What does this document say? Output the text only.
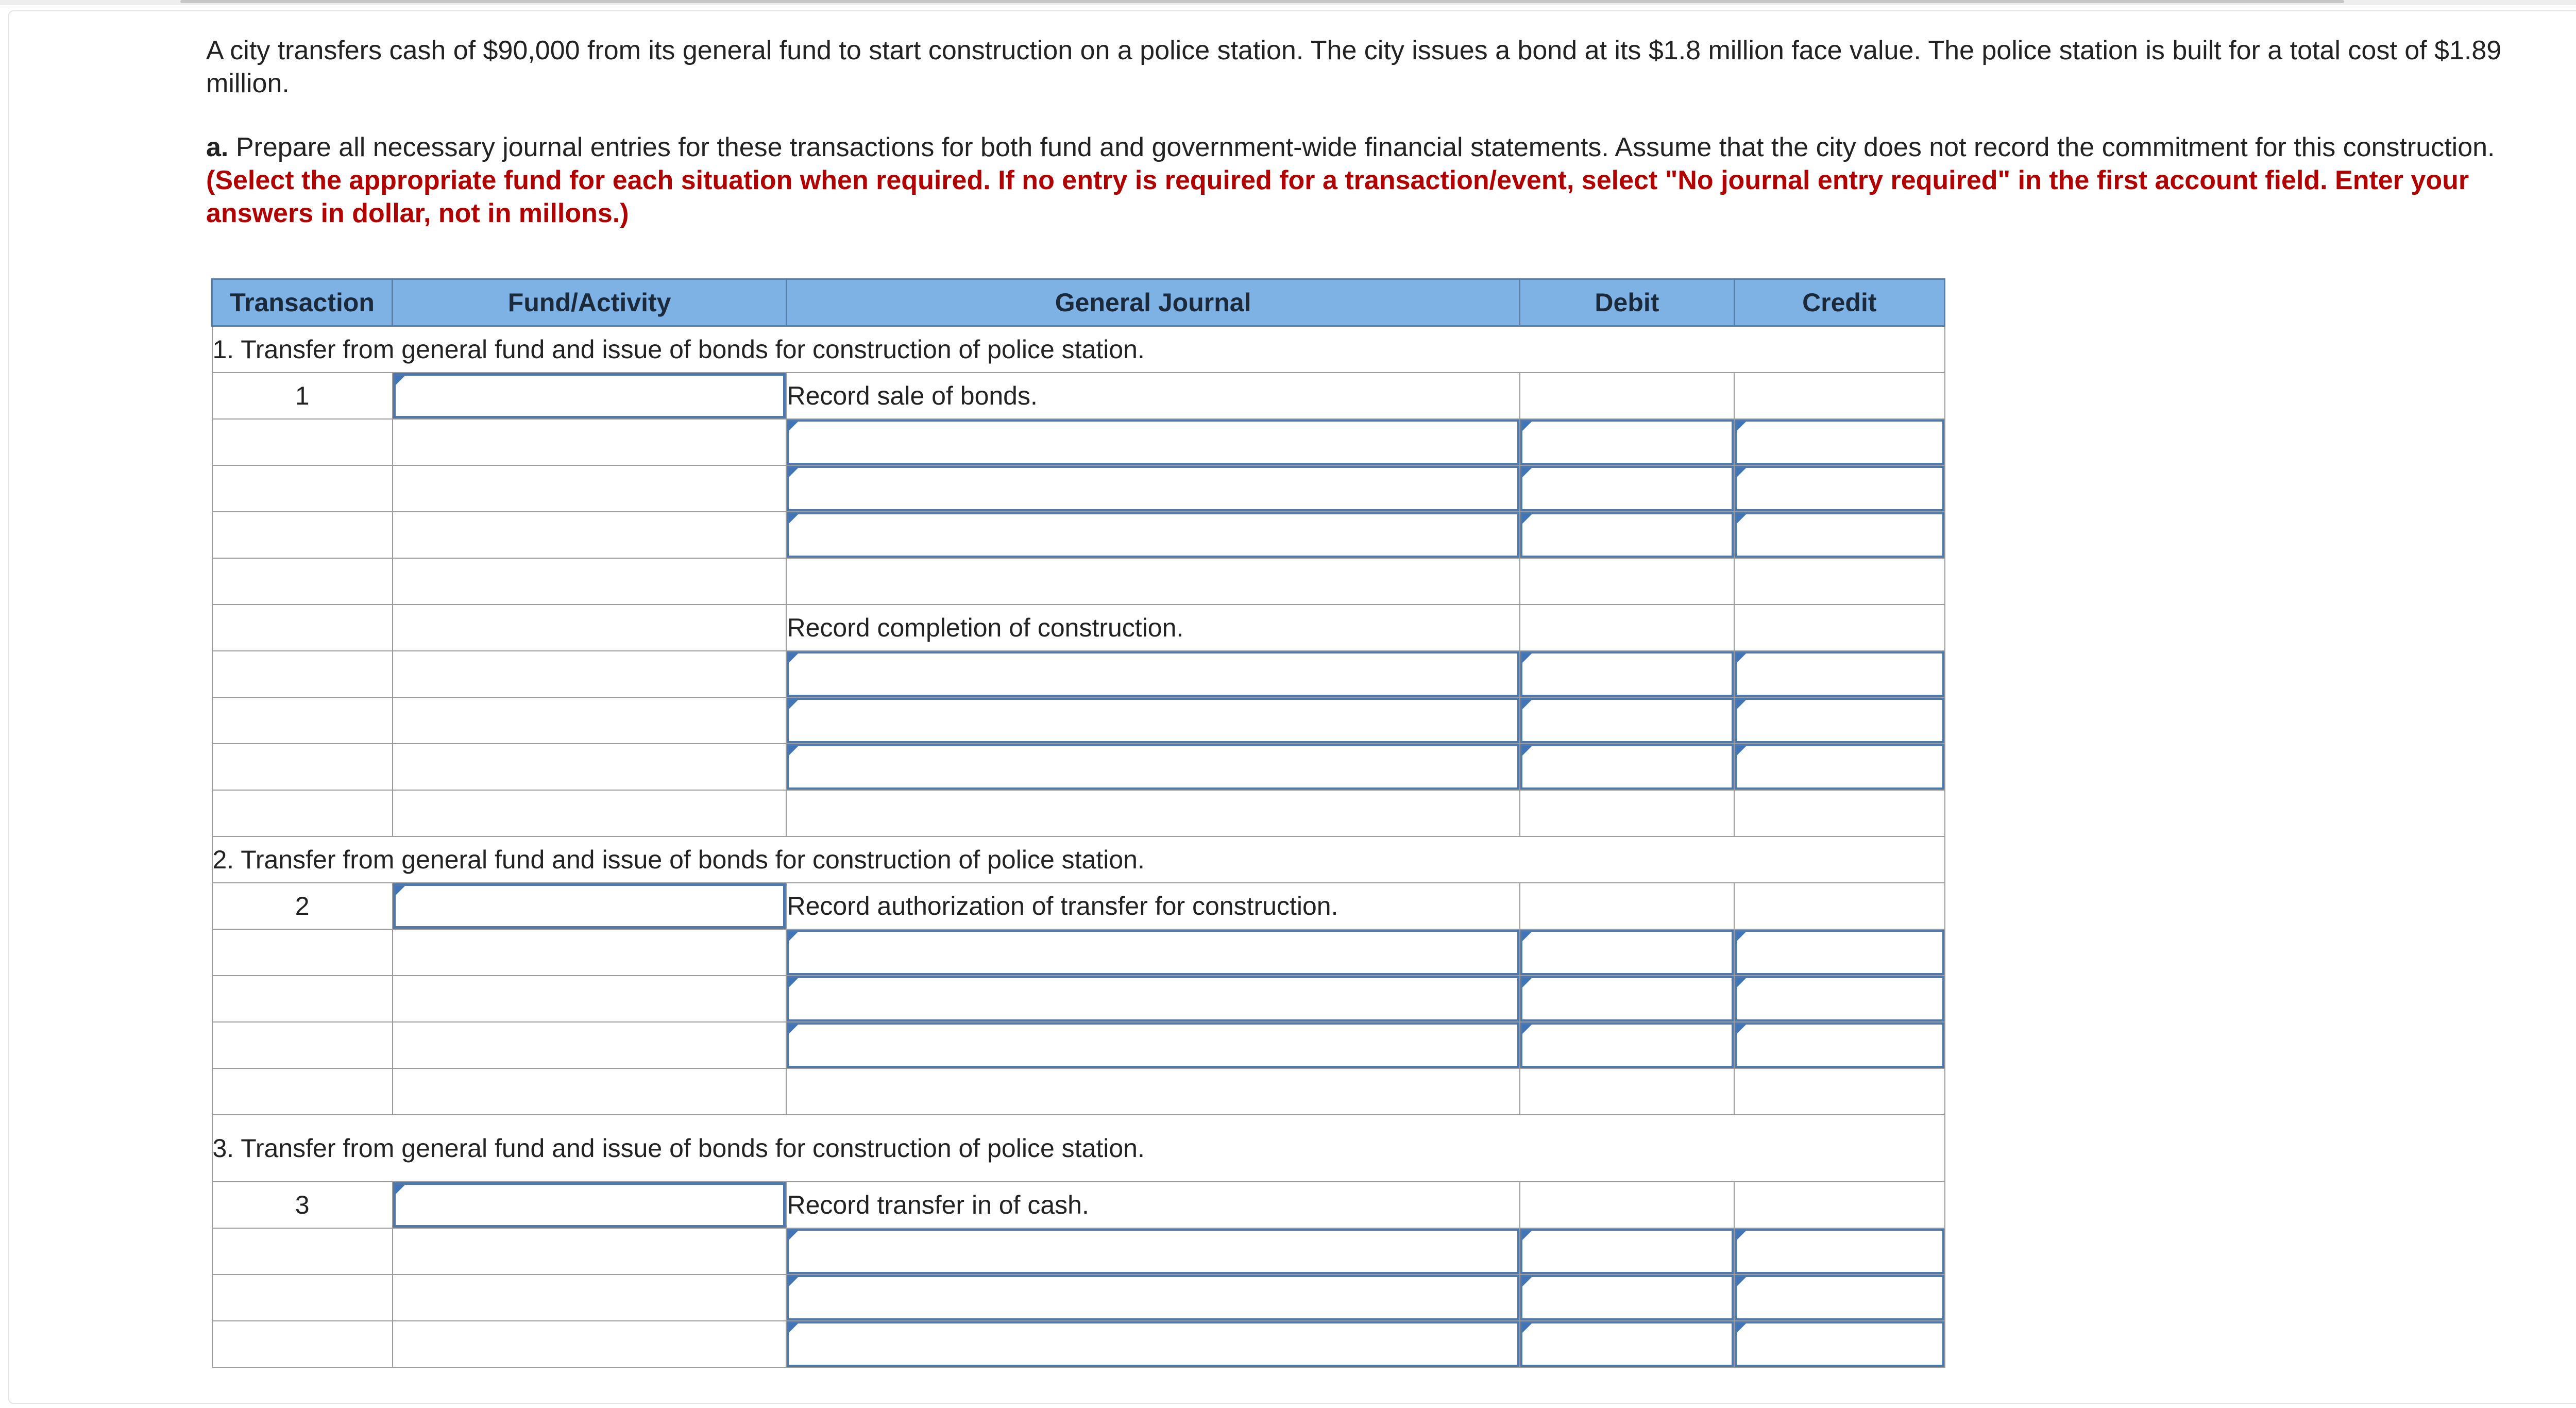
A city transfers cash of $90,000 from its general fund to start construction on a police station. The city issues a bond at its $1.8 million face value. The police station is built for a total cost of $1.89 million.

a. Prepare all necessary journal entries for these transactions for both fund and government-wide financial statements. Assume that the city does not record the commitment for this construction. (Select the appropriate fund for each situation when required. If no entry is required for a transaction/event, select "No journal entry required" in the first account field. Enter your answers in dollar, not in millons.)

Transaction	Fund/Activity	General Journal	Debit	Credit
1. Transfer from general fund and issue of bonds for construction of police station.				
1		Record sale of bonds.		

		Record completion of construction.		

2. Transfer from general fund and issue of bonds for construction of police station.				
2		Record authorization of transfer for construction.		

3. Transfer from general fund and issue of bonds for construction of police station.				
3		Record transfer in of cash.		
